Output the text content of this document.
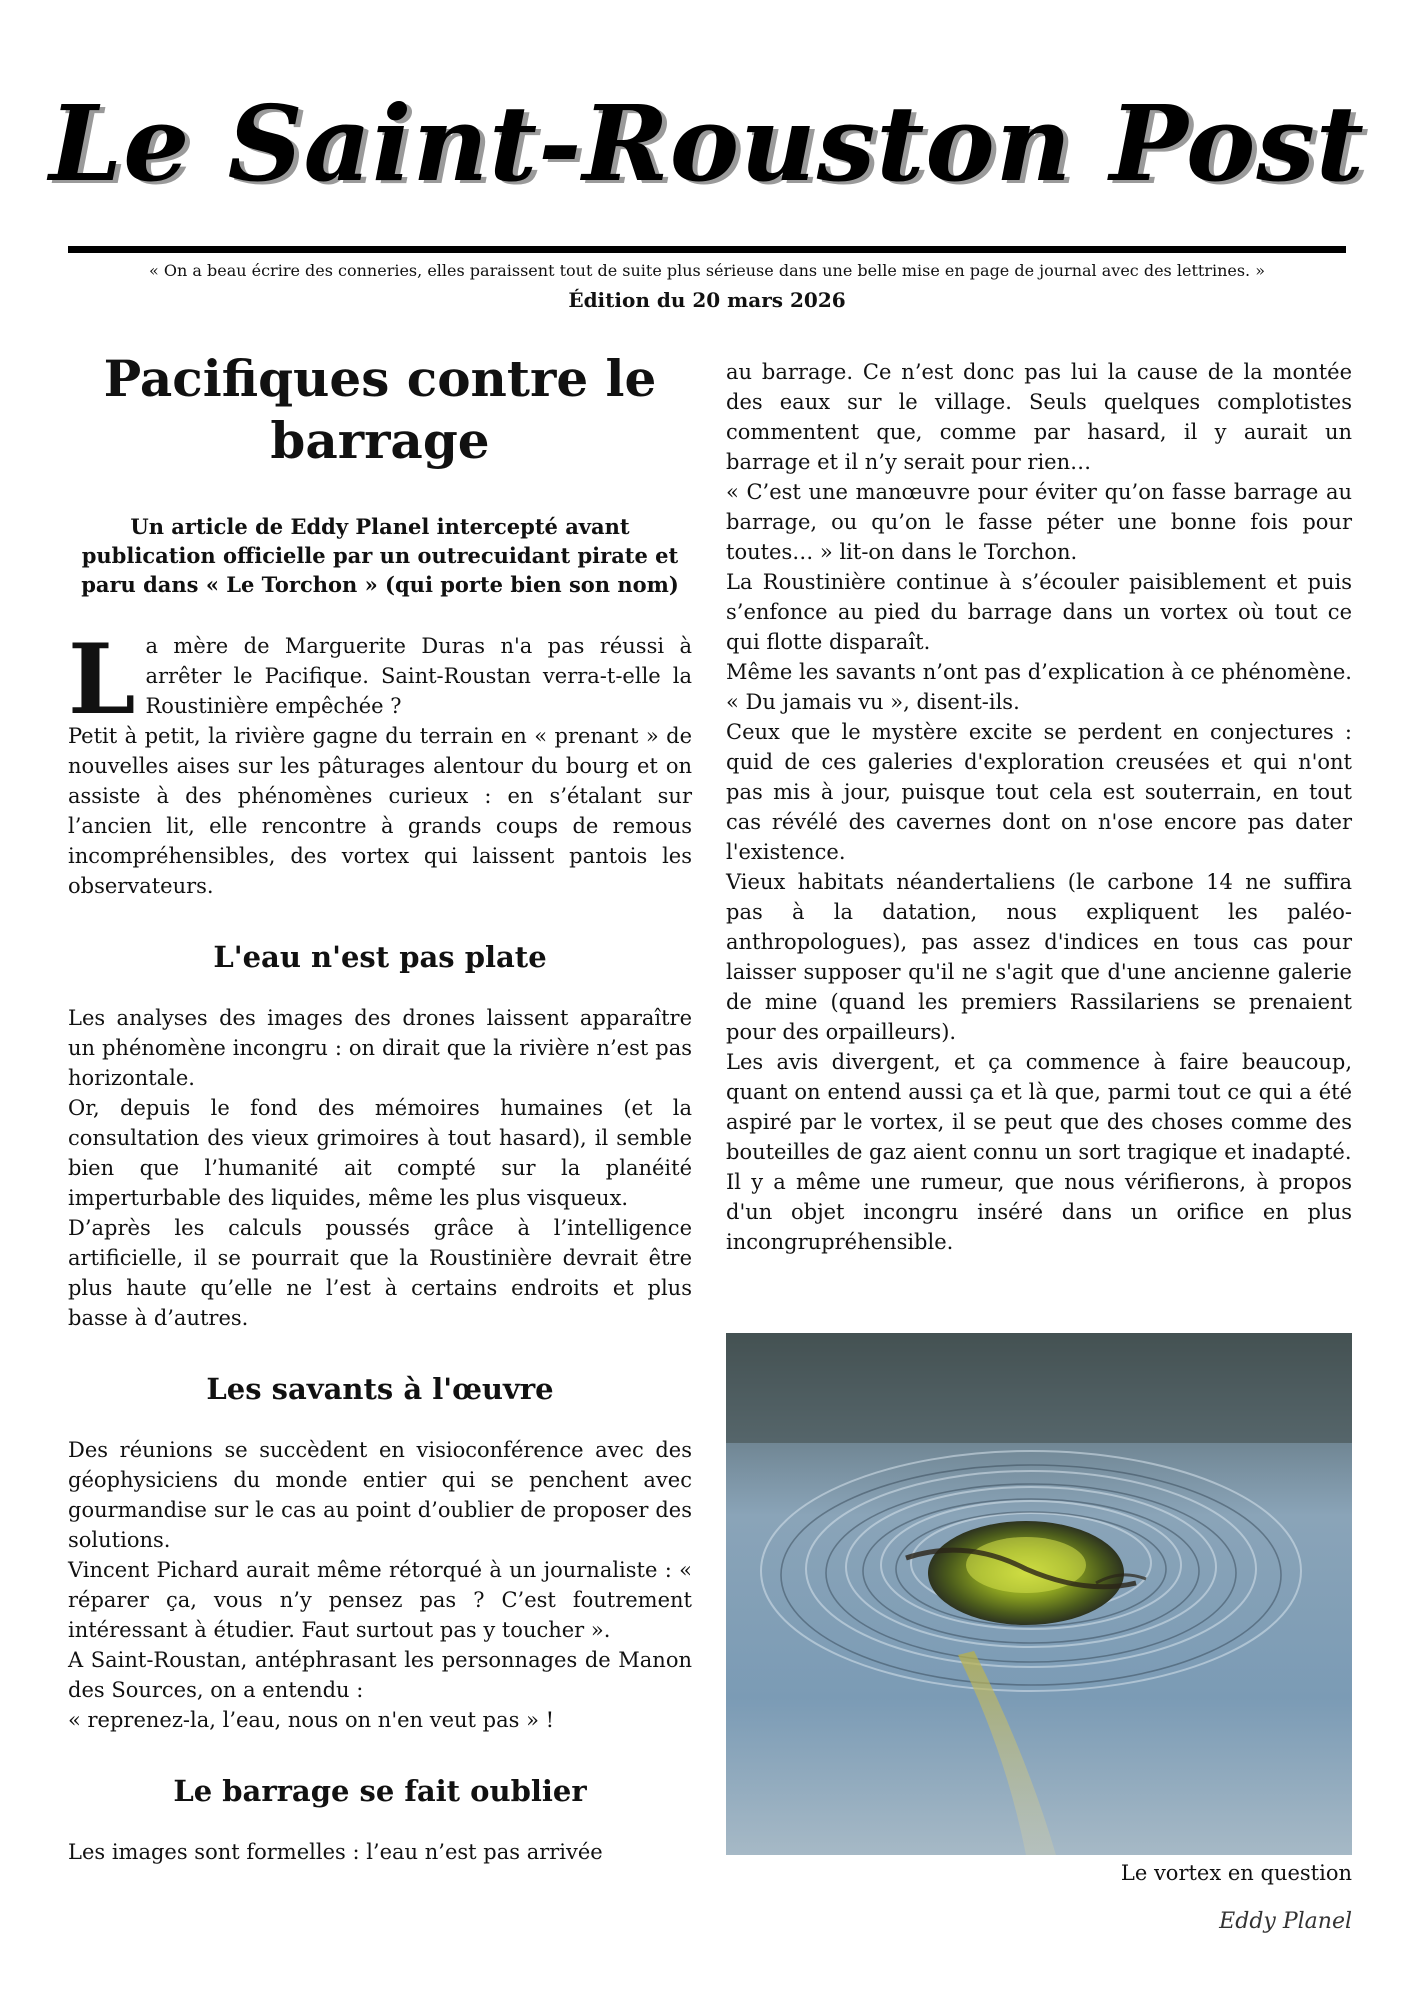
Le Saint-Rouston Post
« On a beau écrire des conneries, elles paraissent tout de suite plus sérieuse dans une belle mise en page de journal avec des lettrines. »
Édition du 20 mars 2026
Pacifiques contre le barrage
Un article de Eddy Planel intercepté avant publication officielle par un outrecuidant pirate et paru dans « Le Torchon » (qui porte bien son nom)

La mère de Marguerite Duras n'a pas réussi à arrêter le Pacifique. Saint-Roustan verra-t-elle la Roustinière empêchée ?

Petit à petit, la rivière gagne du terrain en « prenant » de nouvelles aises sur les pâturages alentour du bourg et on assiste à des phénomènes curieux : en s’étalant sur l’ancien lit, elle rencontre à grands coups de remous incompréhensibles, des vortex qui laissent pantois les observateurs.

L'eau n'est pas plate

Les analyses des images des drones laissent apparaître un phénomène incongru : on dirait que la rivière n’est pas horizontale.

Or, depuis le fond des mémoires humaines (et la consultation des vieux grimoires à tout hasard), il semble bien que l’humanité ait compté sur la planéité imperturbable des liquides, même les plus visqueux.

D’après les calculs poussés grâce à l’intelligence artificielle, il se pourrait que la Roustinière devrait être plus haute qu’elle ne l’est à certains endroits et plus basse à d’autres.

Les savants à l'œuvre

Des réunions se succèdent en visioconférence avec des géophysiciens du monde entier qui se penchent avec gourmandise sur le cas au point d’oublier de proposer des solutions.

Vincent Pichard aurait même rétorqué à un journaliste : « réparer ça, vous n’y pensez pas ? C’est foutrement intéressant à étudier. Faut surtout pas y toucher ».

A Saint-Roustan, antéphrasant les personnages de Manon des Sources, on a entendu :

« reprenez-la, l’eau, nous on n'en veut pas » !

Le barrage se fait oublier

Les images sont formelles : l’eau n’est pas arrivée

au barrage. Ce n’est donc pas lui la cause de la montée des eaux sur le village. Seuls quelques complotistes commentent que, comme par hasard, il y aurait un barrage et il n’y serait pour rien…

« C’est une manœuvre pour éviter qu’on fasse barrage au barrage, ou qu’on le fasse péter une bonne fois pour toutes… » lit-on dans le Torchon.

La Roustinière continue à s’écouler paisiblement et puis s’enfonce au pied du barrage dans un vortex où tout ce qui flotte disparaît.

Même les savants n’ont pas d’explication à ce phénomène. « Du jamais vu », disent-ils.

Ceux que le mystère excite se perdent en conjectures : quid de ces galeries d'exploration creusées et qui n'ont pas mis à jour, puisque tout cela est souterrain, en tout cas révélé des cavernes dont on n'ose encore pas dater l'existence.

Vieux habitats néandertaliens (le carbone 14 ne suffira pas à la datation, nous expliquent les paléo-anthropologues), pas assez d'indices en tous cas pour laisser supposer qu'il ne s'agit que d'une ancienne galerie de mine (quand les premiers Rassilariens se prenaient pour des orpailleurs).

Les avis divergent, et ça commence à faire beaucoup, quant on entend aussi ça et là que, parmi tout ce qui a été aspiré par le vortex, il se peut que des choses comme des bouteilles de gaz aient connu un sort tragique et inadapté.

Il y a même une rumeur, que nous vérifierons, à propos d'un objet incongru inséré dans un orifice en plus incongrupréhensible.

Le vortex en question
Eddy Planel
